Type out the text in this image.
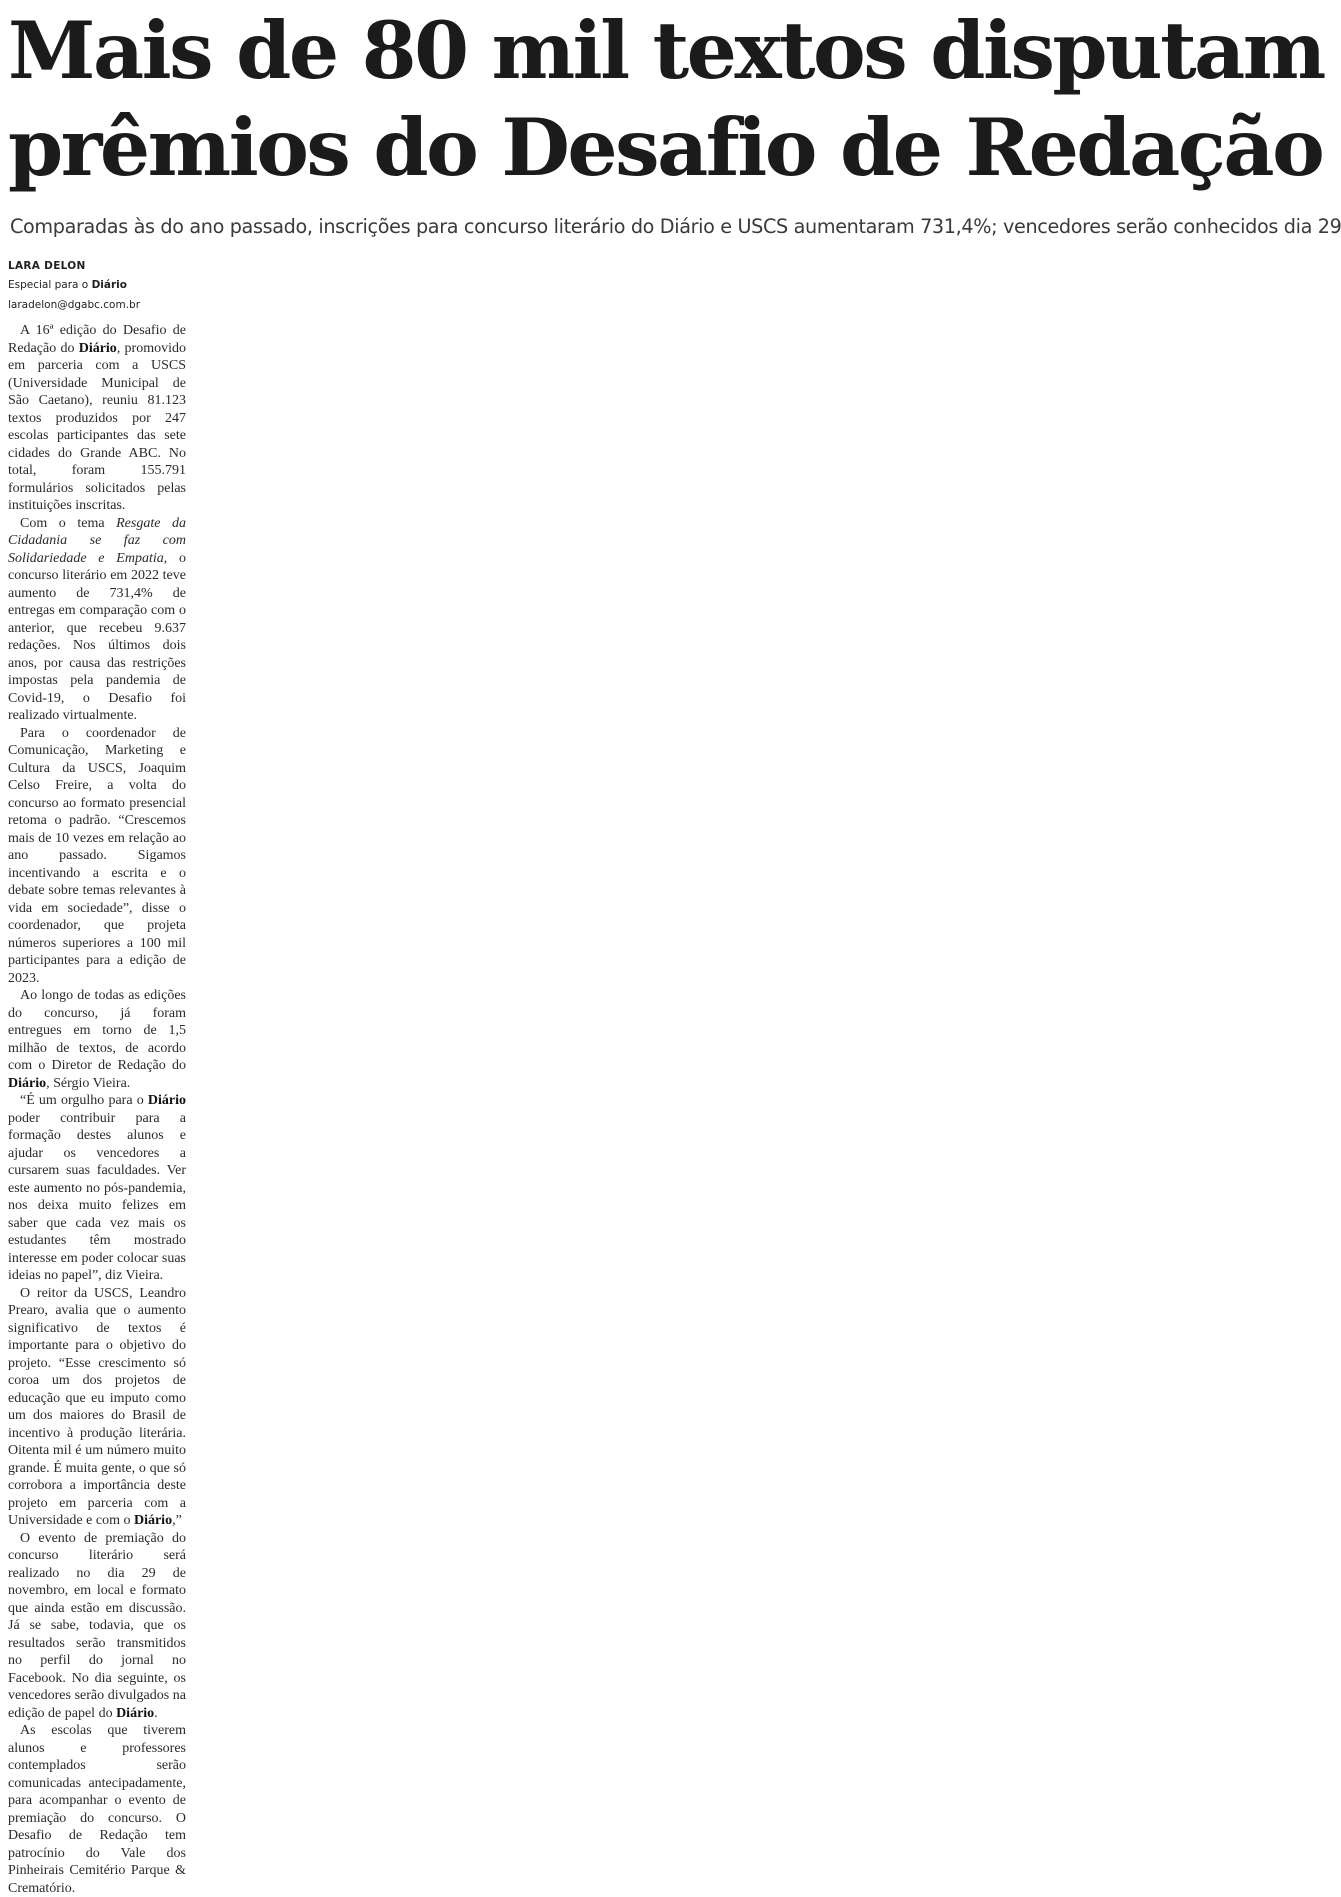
Mais de 80 mil textos disputam
prêmios do Desafio de Redação
Comparadas às do ano passado, inscrições para concurso literário do Diário e USCS aumentaram 731,4%; vencedores serão conhecidos dia 29
LARA DELON
Especial para o Diário
laradelon@dgabc.com.br

A 16ª edição do Desafio de Redação do Diário, promovido em parceria com a USCS (Universidade Municipal de São Caetano), reuniu 81.123 textos produzidos por 247 escolas participantes das sete cidades do Grande ABC. No total, foram 155.791 formulários solicitados pelas instituições inscritas.

Com o tema Resgate da Cidadania se faz com Solidariedade e Empatia, o concurso literário em 2022 teve aumento de 731,4% de entregas em comparação com o anterior, que recebeu 9.637 redações. Nos últimos dois anos, por causa das restrições impostas pela pandemia de Covid-19, o Desafio foi realizado virtualmente.

Para o coordenador de Comunicação, Marketing e Cultura da USCS, Joaquim Celso Freire, a volta do concurso ao formato presencial retoma o padrão. “Crescemos mais de 10 vezes em relação ao ano passado. Sigamos incentivando a escrita e o debate sobre temas relevantes à vida em sociedade”, disse o coordenador, que projeta números superiores a 100 mil participantes para a edição de 2023.

Ao longo de todas as edições do concurso, já foram entregues em torno de 1,5 milhão de textos, de acordo com o Diretor de Redação do Diário, Sérgio Vieira.

“É um orgulho para o Diário poder contribuir para a formação destes alunos e ajudar os vencedores a cursarem suas faculdades. Ver este aumento no pós-pandemia, nos deixa muito felizes em saber que cada vez mais os estudantes têm mostrado interesse em poder colocar suas ideias no papel”, diz Vieira.

O reitor da USCS, Leandro Prearo, avalia que o aumento significativo de textos é importante para o objetivo do projeto. “Esse crescimento só coroa um dos projetos de educação que eu imputo como um dos maiores do Brasil de incentivo à produção literária. Oitenta mil é um número muito grande. É muita gente, o que só corrobora a importância deste projeto em parceria com a Universidade e com o Diário,”

O evento de premiação do concurso literário será realizado no dia 29 de novembro, em local e formato que ainda estão em discussão. Já se sabe, todavia, que os resultados serão transmitidos no perfil do jornal no Facebook. No dia seguinte, os vencedores serão divulgados na edição de papel do Diário.

As escolas que tiverem alunos e professores contemplados serão comunicadas antecipadamente, para acompanhar o evento de premiação do concurso. O Desafio de Redação tem patrocínio do Vale dos Pinheirais Cemitério Parque & Crematório.
